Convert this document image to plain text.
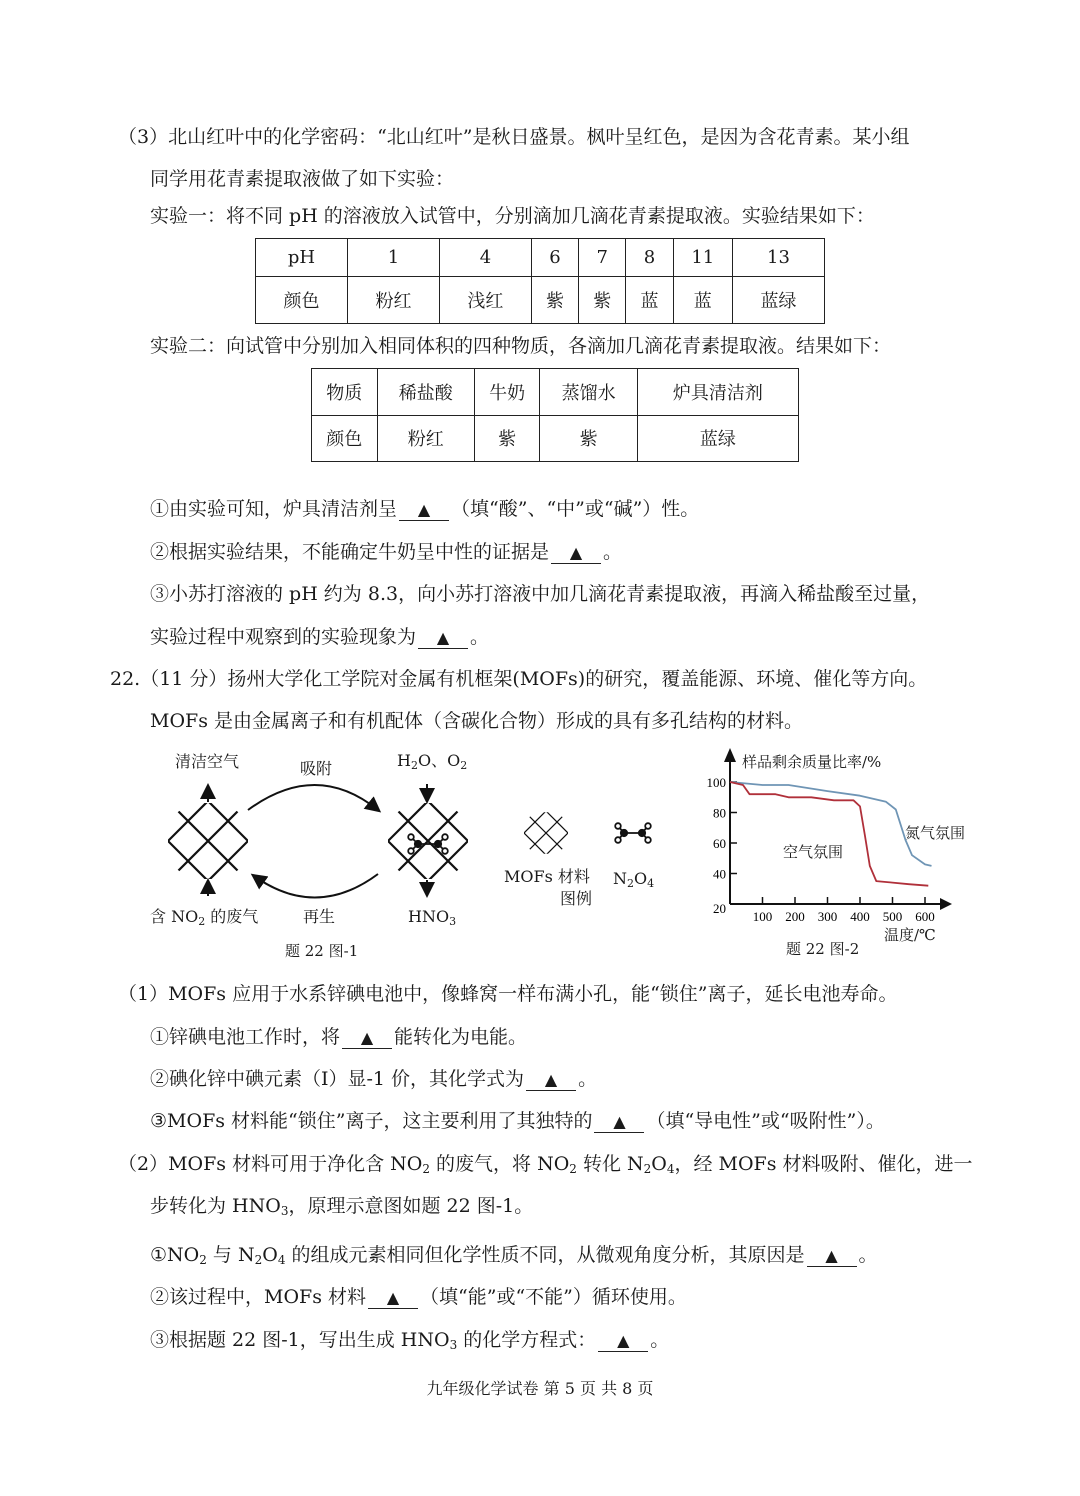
（3）北山红叶中的化学密码：“北山红叶”是秋日盛景。枫叶呈红色，是因为含花青素。某小组
同学用花青素提取液做了如下实验：
实验一：将不同 pH 的溶液放入试管中，分别滴加几滴花青素提取液。实验结果如下：
pH	1	4	6	7	8	11	13
颜色	粉红	浅红	紫	紫	蓝	蓝	蓝绿
物质	稀盐酸	牛奶	蒸馏水	炉具清洁剂
颜色	粉红	紫	紫	蓝绿
实验二：向试管中分别加入相同体积的四种物质，各滴加几滴花青素提取液。结果如下：
①由实验可知，炉具清洁剂呈 ▲ （填“酸”、“中”或“碱”）性。
②根据实验结果，不能确定牛奶呈中性的证据是 ▲ 。
③小苏打溶液的 pH 约为 8.3，向小苏打溶液中加几滴花青素提取液，再滴入稀盐酸至过量，
实验过程中观察到的实验现象为 ▲ 。
22.（11 分）扬州大学化工学院对金属有机框架(MOFs)的研究，覆盖能源、环境、催化等方向。
MOFs 是由金属离子和有机配体（含碳化合物）形成的具有多孔结构的材料。
（1）MOFs 应用于水系锌碘电池中，像蜂窝一样布满小孔，能“锁住”离子，延长电池寿命。
①锌碘电池工作时，将 ▲ 能转化为电能。
②碘化锌中碘元素（I）显-1 价，其化学式为 ▲ 。
③MOFs 材料能“锁住”离子，这主要利用了其独特的 ▲ （填“导电性”或“吸附性”）。
（2）MOFs 材料可用于净化含 $NO_2$ 的废气，将 $NO_2$ 转化 $N_2O_4$，经 MOFs 材料吸附、催化，进一
步转化为 $HNO_3$，原理示意图如题 22 图-1。
$①NO_2$ 与 $N_2O_4$ 的组成元素相同但化学性质不同，从微观角度分析，其原因是 ▲ 。
②该过程中，MOFs 材料 ▲ （填“能”或“不能”）循环使用。
③根据题 22 图-1，写出生成 $HNO_3$ 的化学方程式： ▲ 。
清洁空气	吸附	$H_2O$、$O_2$
含 $NO_2$ 的废气	再生	$HNO_3$
MOFs 材料
图例
$N_2O_4$
题 22 图-1
100 200 300 400 500 600
20
40
60
80
100
样品剩余质量比率/%
温度/℃
题 22 图-2
氮气氛围
空气氛围
九年级化学试卷 第 5 页 共 8 页
